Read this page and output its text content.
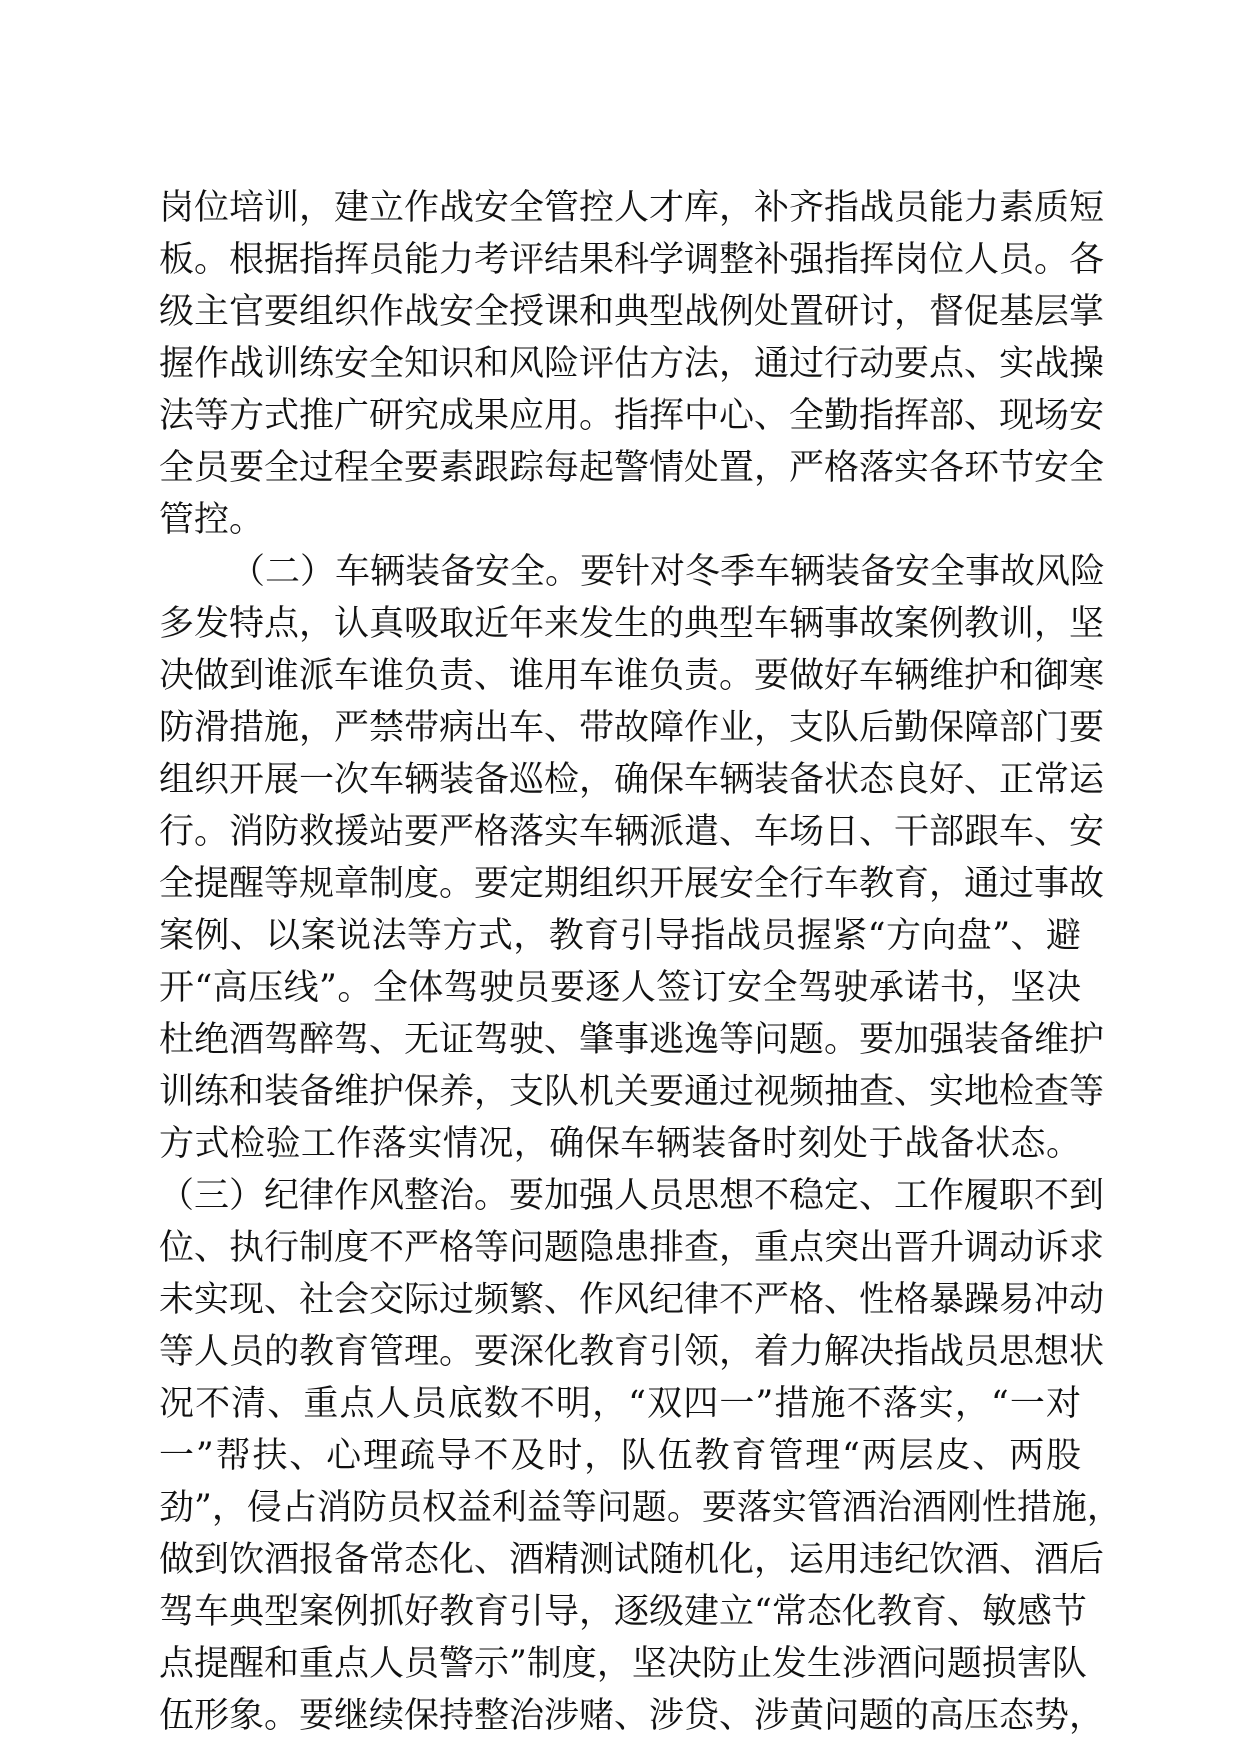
岗位培训，建立作战安全管控人才库，补齐指战员能力素质短
板。根据指挥员能力考评结果科学调整补强指挥岗位人员。各
级主官要组织作战安全授课和典型战例处置研讨，督促基层掌
握作战训练安全知识和风险评估方法，通过行动要点、实战操
法等方式推广研究成果应用。指挥中心、全勤指挥部、现场安
全员要全过程全要素跟踪每起警情处置，严格落实各环节安全
管控。
（二）车辆装备安全。要针对冬季车辆装备安全事故风险
多发特点，认真吸取近年来发生的典型车辆事故案例教训，坚
决做到谁派车谁负责、谁用车谁负责。要做好车辆维护和御寒
防滑措施，严禁带病出车、带故障作业，支队后勤保障部门要
组织开展一次车辆装备巡检，确保车辆装备状态良好、正常运
行。消防救援站要严格落实车辆派遣、车场日、干部跟车、安
全提醒等规章制度。要定期组织开展安全行车教育，通过事故
案例、以案说法等方式，教育引导指战员握紧“方向盘”、避
开“高压线”。全体驾驶员要逐人签订安全驾驶承诺书，坚决
杜绝酒驾醉驾、无证驾驶、肇事逃逸等问题。要加强装备维护
训练和装备维护保养，支队机关要通过视频抽查、实地检查等
方式检验工作落实情况，确保车辆装备时刻处于战备状态。
（三）纪律作风整治。要加强人员思想不稳定、工作履职不到
位、执行制度不严格等问题隐患排查，重点突出晋升调动诉求
未实现、社会交际过频繁、作风纪律不严格、性格暴躁易冲动
等人员的教育管理。要深化教育引领，着力解决指战员思想状
况不清、重点人员底数不明，“双四一”措施不落实，“一对
一”帮扶、心理疏导不及时，队伍教育管理“两层皮、两股
劲”，侵占消防员权益利益等问题。要落实管酒治酒刚性措施，
做到饮酒报备常态化、酒精测试随机化，运用违纪饮酒、酒后
驾车典型案例抓好教育引导，逐级建立“常态化教育、敏感节
点提醒和重点人员警示”制度，坚决防止发生涉酒问题损害队
伍形象。要继续保持整治涉赌、涉贷、涉黄问题的高压态势，
